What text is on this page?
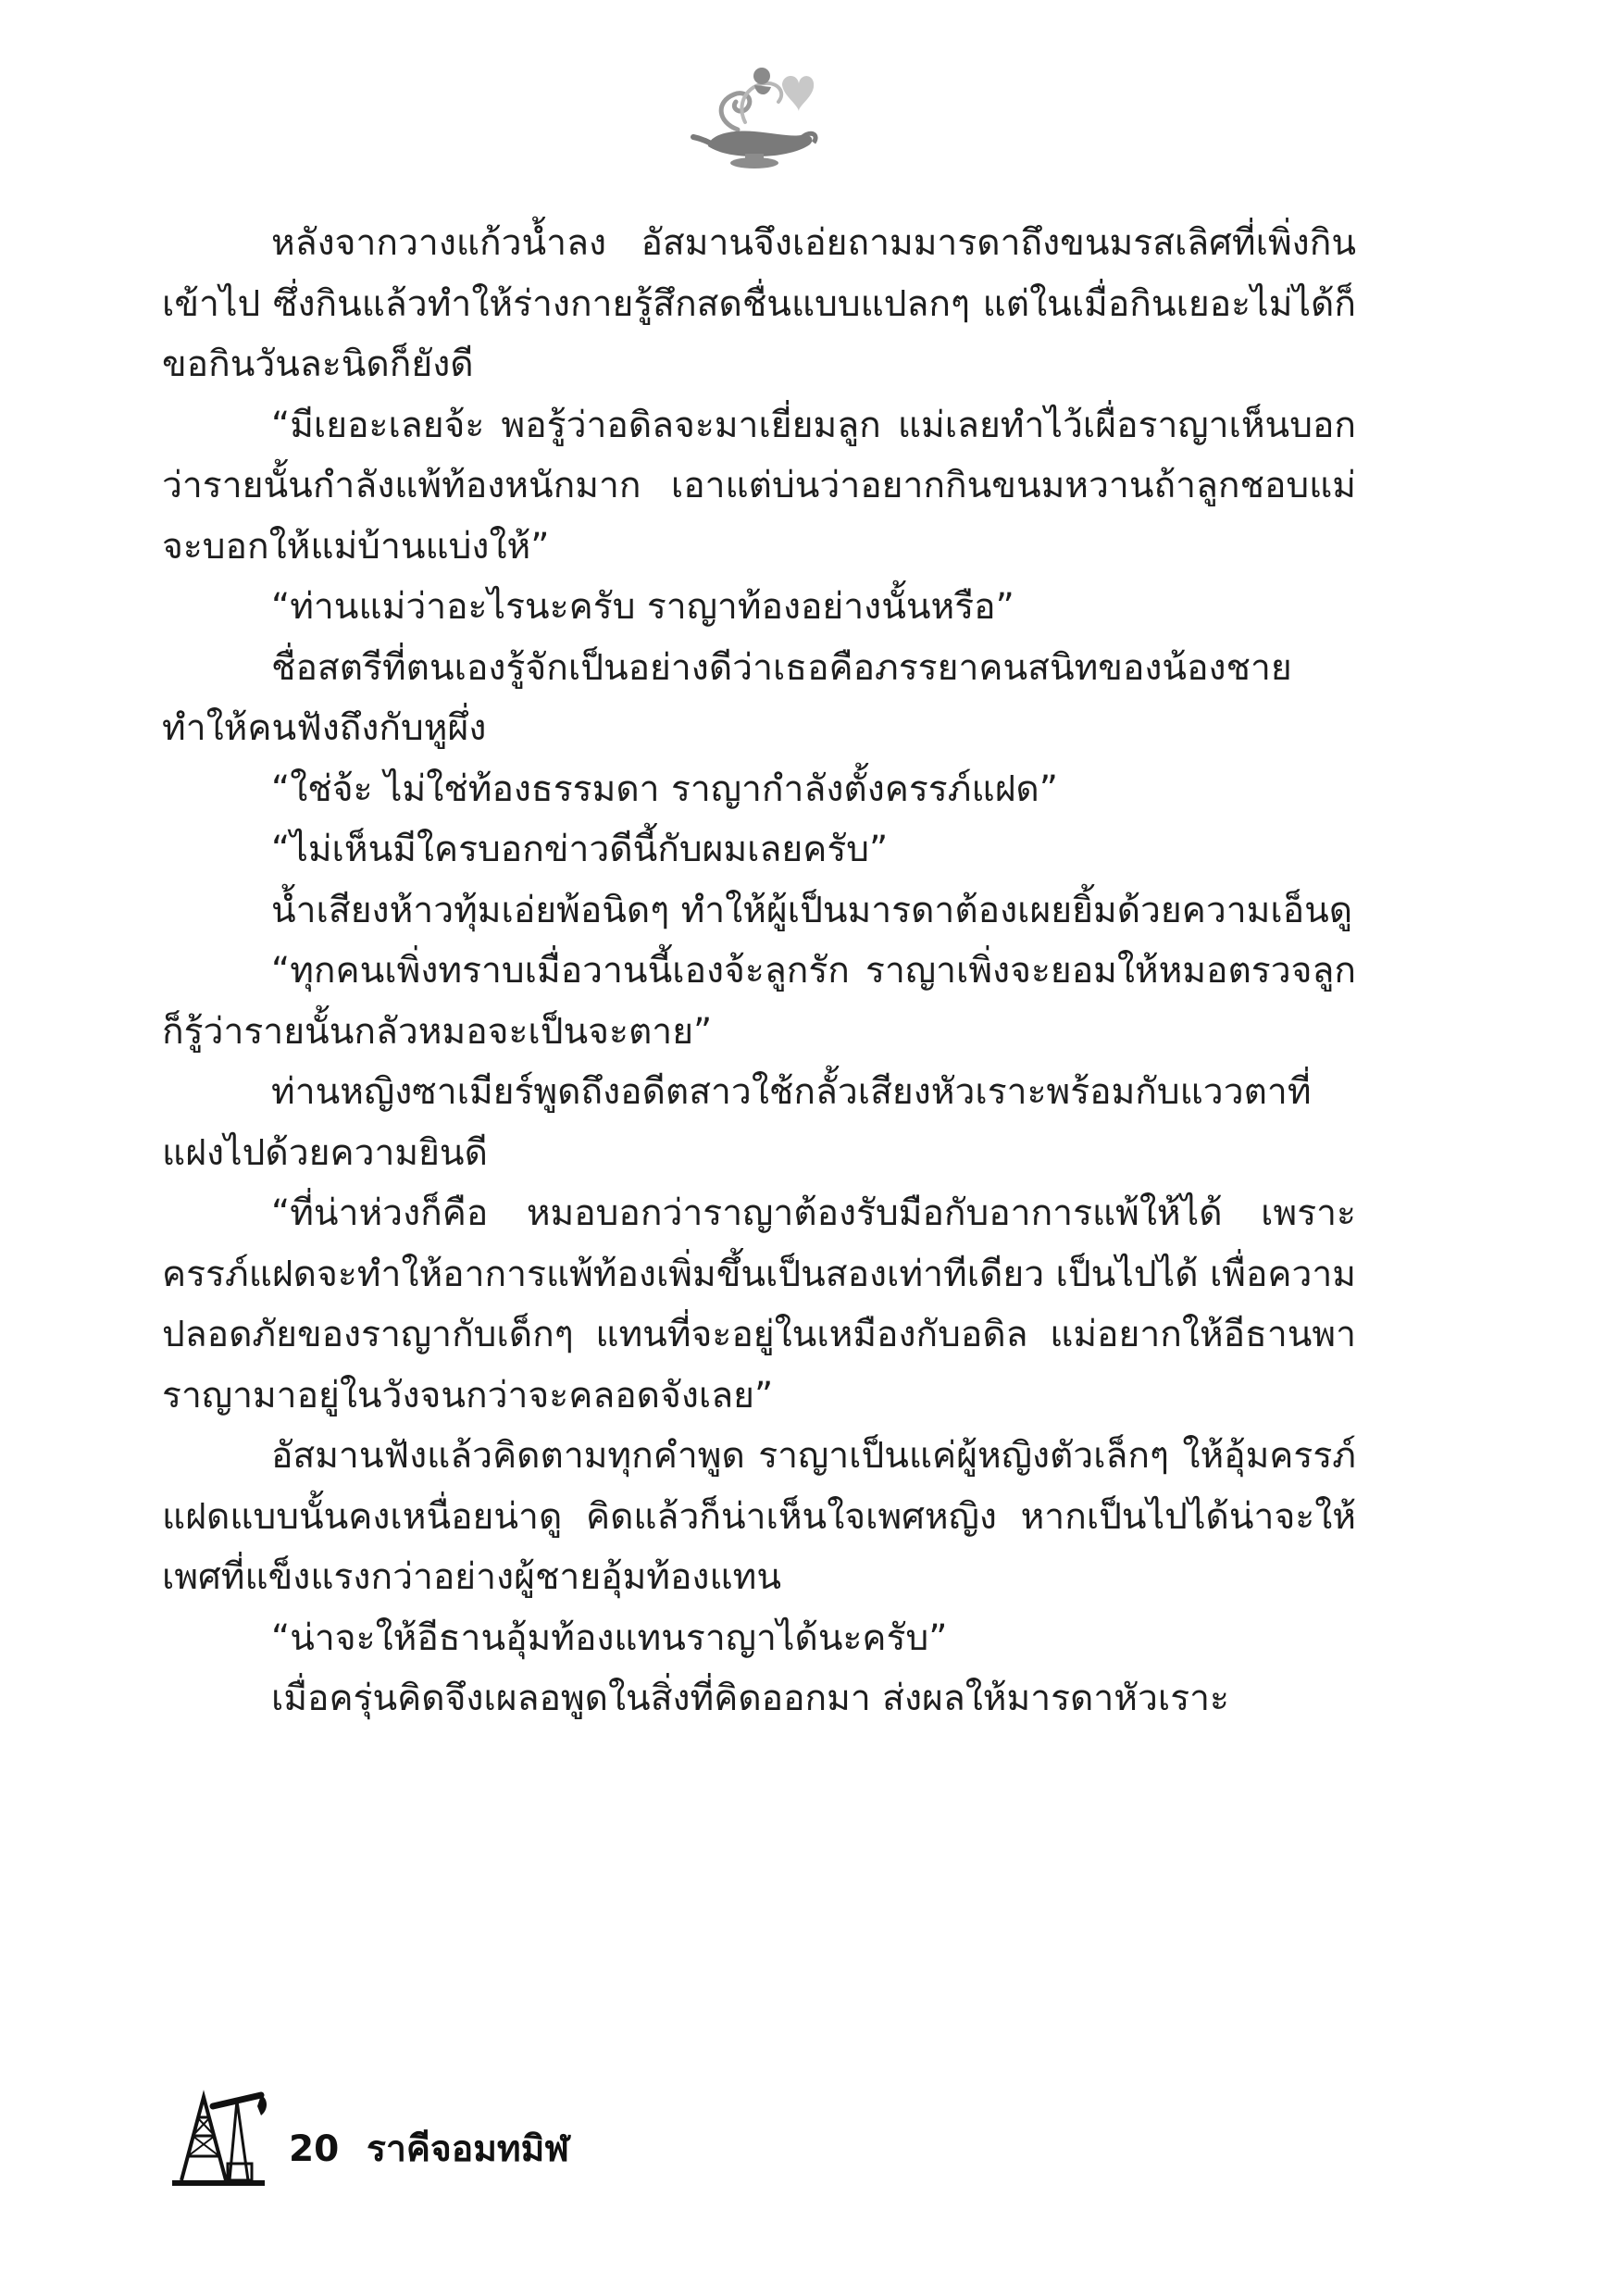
หลังจากวางแก้วน้ำลง อัสมานจึงเอ่ยถามมารดาถึงขนมรสเลิศที่เพิ่งกินเข้าไป ซึ่งกินแล้วทำให้ร่างกายรู้สึกสดชื่นแบบแปลกๆ แต่ในเมื่อกินเยอะไม่ได้ก็ขอกินวันละนิดก็ยังดี

“มีเยอะเลยจ้ะ พอรู้ว่าอดิลจะมาเยี่ยมลูก แม่เลยทำไว้เผื่อราญาเห็นบอกว่ารายนั้นกำลังแพ้ท้องหนักมาก เอาแต่บ่นว่าอยากกินขนมหวานถ้าลูกชอบแม่จะบอกให้แม่บ้านแบ่งให้”

“ท่านแม่ว่าอะไรนะครับ ราญาท้องอย่างนั้นหรือ”

ชื่อสตรีที่ตนเองรู้จักเป็นอย่างดีว่าเธอคือภรรยาคนสนิทของน้องชายทำให้คนฟังถึงกับหูผึ่ง

“ใช่จ้ะ ไม่ใช่ท้องธรรมดา ราญากำลังตั้งครรภ์แฝด”

“ไม่เห็นมีใครบอกข่าวดีนี้กับผมเลยครับ”

น้ำเสียงห้าวทุ้มเอ่ยพ้อนิดๆ ทำให้ผู้เป็นมารดาต้องเผยยิ้มด้วยความเอ็นดู

“ทุกคนเพิ่งทราบเมื่อวานนี้เองจ้ะลูกรัก ราญาเพิ่งจะยอมให้หมอตรวจลูกก็รู้ว่ารายนั้นกลัวหมอจะเป็นจะตาย”

ท่านหญิงซาเมียร์พูดถึงอดีตสาวใช้กลั้วเสียงหัวเราะพร้อมกับแววตาที่แฝงไปด้วยความยินดี

“ที่น่าห่วงก็คือ หมอบอกว่าราญาต้องรับมือกับอาการแพ้ให้ได้ เพราะครรภ์แฝดจะทำให้อาการแพ้ท้องเพิ่มขึ้นเป็นสองเท่าทีเดียว เป็นไปได้ เพื่อความปลอดภัยของราญากับเด็กๆ แทนที่จะอยู่ในเหมืองกับอดิล แม่อยากให้อีธานพาราญามาอยู่ในวังจนกว่าจะคลอดจังเลย”

อัสมานฟังแล้วคิดตามทุกคำพูด ราญาเป็นแค่ผู้หญิงตัวเล็กๆ ให้อุ้มครรภ์แฝดแบบนั้นคงเหนื่อยน่าดู คิดแล้วก็น่าเห็นใจเพศหญิง หากเป็นไปได้น่าจะให้เพศที่แข็งแรงกว่าอย่างผู้ชายอุ้มท้องแทน

“น่าจะให้อีธานอุ้มท้องแทนราญาได้นะครับ”

เมื่อครุ่นคิดจึงเผลอพูดในสิ่งที่คิดออกมา ส่งผลให้มารดาหัวเราะ

20 ราคีจอมทมิฬ
